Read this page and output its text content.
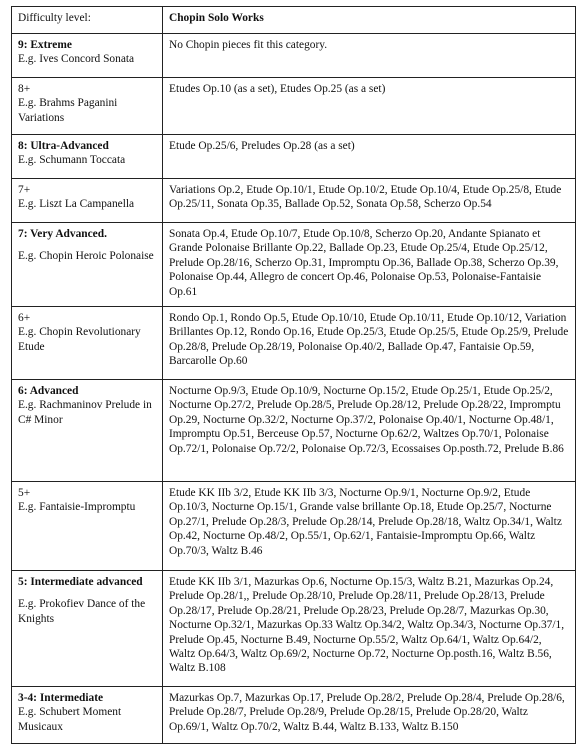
Difficulty level:	Chopin Solo Works

9: Extreme
E.g. Ives Concord Sonata	No Chopin pieces fit this category.

8+
E.g. Brahms Paganini Variations	Etudes Op.10 (as a set), Etudes Op.25 (as a set)

8: Ultra-Advanced
E.g. Schumann Toccata	Etude Op.25/6, Preludes Op.28 (as a set)

7+
E.g. Liszt La Campanella	Variations Op.2, Etude Op.10/1, Etude Op.10/2, Etude Op.10/4, Etude Op.25/8, Etude Op.25/11, Sonata Op.35, Ballade Op.52, Sonata Op.58, Scherzo Op.54

7: Very Advanced.
E.g. Chopin Heroic Polonaise	Sonata Op.4, Etude Op.10/7, Etude Op.10/8, Scherzo Op.20, Andante Spianato et Grande Polonaise Brillante Op.22, Ballade Op.23, Etude Op.25/4, Etude Op.25/12, Prelude Op.28/16, Scherzo Op.31, Impromptu Op.36, Ballade Op.38, Scherzo Op.39, Polonaise Op.44, Allegro de concert Op.46, Polonaise Op.53, Polonaise-Fantaisie Op.61

6+
E.g. Chopin Revolutionary Etude	Rondo Op.1, Rondo Op.5, Etude Op.10/10, Etude Op.10/11, Etude Op.10/12, Variation Brillantes Op.12, Rondo Op.16, Etude Op.25/3, Etude Op.25/5, Etude Op.25/9, Prelude Op.28/8, Prelude Op.28/19, Polonaise Op.40/2, Ballade Op.47, Fantaisie Op.59, Barcarolle Op.60

6: Advanced
E.g. Rachmaninov Prelude in C# Minor	Nocturne Op.9/3, Etude Op.10/9, Nocturne Op.15/2, Etude Op.25/1, Etude Op.25/2, Nocturne Op.27/2, Prelude Op.28/5, Prelude Op.28/12, Prelude Op.28/22, Impromptu Op.29, Nocturne Op.32/2, Nocturne Op.37/2, Polonaise Op.40/1, Nocturne Op.48/1, Impromptu Op.51, Berceuse Op.57, Nocturne Op.62/2, Waltzes Op.70/1, Polonaise Op.72/1, Polonaise Op.72/2, Polonaise Op.72/3, Ecossaises Op.posth.72, Prelude B.86

5+
E.g. Fantaisie-Impromptu	Etude KK IIb 3/2, Etude KK IIb 3/3, Nocturne Op.9/1, Nocturne Op.9/2, Etude Op.10/3, Nocturne Op.15/1, Grande valse brillante Op.18, Etude Op.25/7, Nocturne Op.27/1, Prelude Op.28/3, Prelude Op.28/14, Prelude Op.28/18, Waltz Op.34/1, Waltz Op.42, Nocturne Op.48/2, Op.55/1, Op.62/1, Fantaisie-Impromptu Op.66, Waltz Op.70/3, Waltz B.46

5: Intermediate advanced
E.g. Prokofiev Dance of the Knights	Etude KK IIb 3/1, Mazurkas Op.6, Nocturne Op.15/3, Waltz B.21, Mazurkas Op.24, Prelude Op.28/1,, Prelude Op.28/10, Prelude Op.28/11, Prelude Op.28/13, Prelude Op.28/17, Prelude Op.28/21, Prelude Op.28/23, Prelude Op.28/7, Mazurkas Op.30, Nocturne Op.32/1, Mazurkas Op.33 Waltz Op.34/2, Waltz Op.34/3, Nocturne Op.37/1, Prelude Op.45, Nocturne B.49, Nocturne Op.55/2, Waltz Op.64/1, Waltz Op.64/2, Waltz Op.64/3, Waltz Op.69/2, Nocturne Op.72, Nocturne Op.posth.16, Waltz B.56, Waltz B.108

3-4: Intermediate
E.g. Schubert Moment Musicaux	Mazurkas Op.7, Mazurkas Op.17, Prelude Op.28/2, Prelude Op.28/4, Prelude Op.28/6, Prelude Op.28/7, Prelude Op.28/9, Prelude Op.28/15, Prelude Op.28/20, Waltz Op.69/1, Waltz Op.70/2, Waltz B.44, Waltz B.133, Waltz B.150
